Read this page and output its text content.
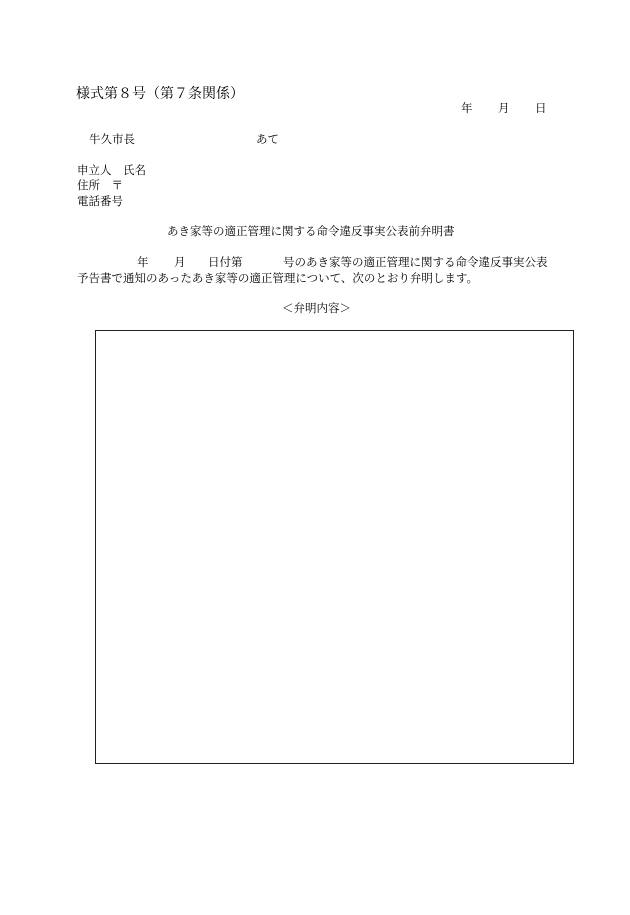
様式第８号（第７条関係）
年 月 日
牛久市長	あて
申立人　氏名
住所　〒
電話番号
あき家等の適正管理に関する命令違反事実公表前弁明書
年 月 日付第	号のあき家等の適正管理に関する命令違反事実公表
予告書で通知のあったあき家等の適正管理について、次のとおり弁明します。
＜弁明内容＞
